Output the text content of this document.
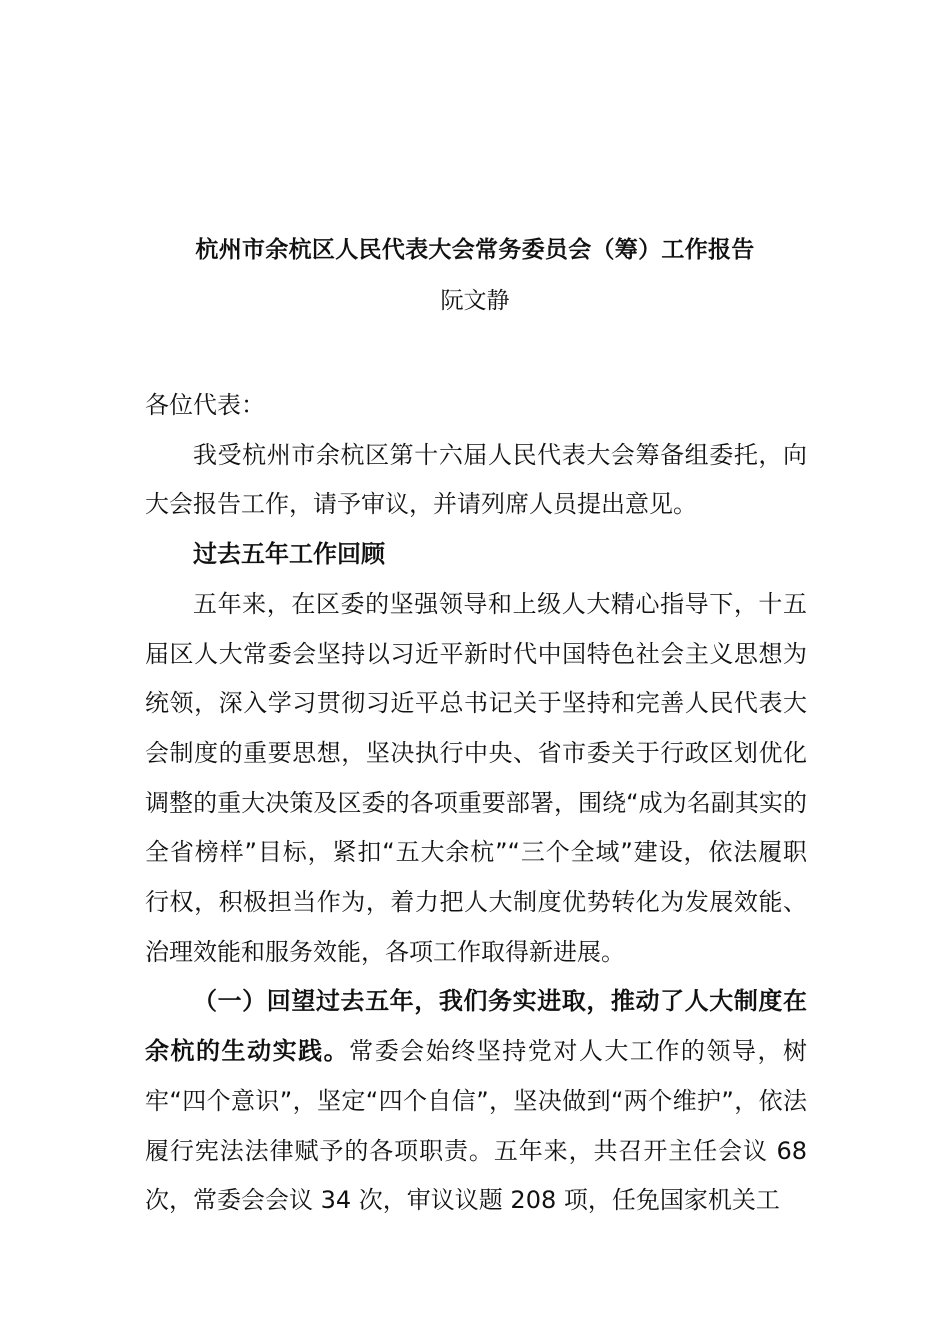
杭州市余杭区人民代表大会常务委员会（筹）工作报告
阮文静

各位代表：

我受杭州市余杭区第十六届人民代表大会筹备组委托，向大会报告工作，请予审议，并请列席人员提出意见。

过去五年工作回顾

五年来，在区委的坚强领导和上级人大精心指导下，十五届区人大常委会坚持以习近平新时代中国特色社会主义思想为统领，深入学习贯彻习近平总书记关于坚持和完善人民代表大会制度的重要思想，坚决执行中央、省市委关于行政区划优化调整的重大决策及区委的各项重要部署，围绕“成为名副其实的全省榜样”目标，紧扣“五大余杭”“三个全域”建设，依法履职行权，积极担当作为，着力把人大制度优势转化为发展效能、治理效能和服务效能，各项工作取得新进展。

（一）回望过去五年，我们务实进取，推动了人大制度在余杭的生动实践。常委会始终坚持党对人大工作的领导，树牢“四个意识”，坚定“四个自信”，坚决做到“两个维护”，依法履行宪法法律赋予的各项职责。五年来，共召开主任会议 68 次，常委会会议 34 次，审议议题 208 项，任免国家机关工
